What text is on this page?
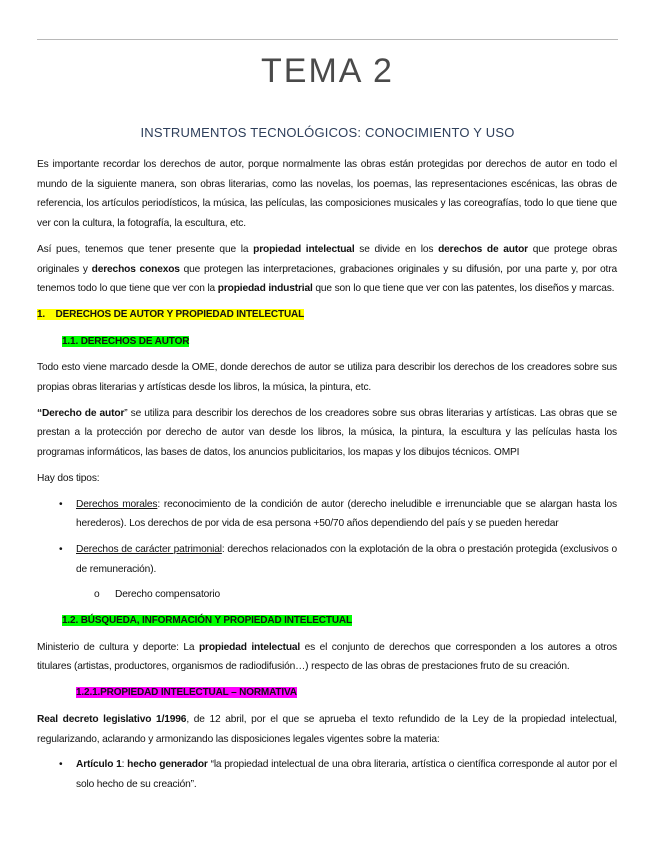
TEMA 2
INSTRUMENTOS TECNOLÓGICOS: CONOCIMIENTO Y USO

Es importante recordar los derechos de autor, porque normalmente las obras están protegidas por derechos de autor en todo el mundo de la siguiente manera, son obras literarias, como las novelas, los poemas, las representaciones escénicas, las obras de referencia, los artículos periodísticos, la música, las películas, las composiciones musicales y las coreografías, todo lo que tiene que ver con la cultura, la fotografía, la escultura, etc.

Así pues, tenemos que tener presente que la propiedad intelectual se divide en los derechos de autor que protege obras originales y derechos conexos que protegen las interpretaciones, grabaciones originales y su difusión, por una parte y, por otra tenemos todo lo que tiene que ver con la propiedad industrial que son lo que tiene que ver con las patentes, los diseños y marcas.

1.    DERECHOS DE AUTOR Y PROPIEDAD INTELECTUAL
1.1. DERECHOS DE AUTOR

Todo esto viene marcado desde la OME, donde derechos de autor se utiliza para describir los derechos de los creadores sobre sus propias obras literarias y artísticas desde los libros, la música, la pintura, etc.

“Derecho de autor” se utiliza para describir los derechos de los creadores sobre sus obras literarias y artísticas. Las obras que se prestan a la protección por derecho de autor van desde los libros, la música, la pintura, la escultura y las películas hasta los programas informáticos, las bases de datos, los anuncios publicitarios, los mapas y los dibujos técnicos. OMPI

Hay dos tipos:

• Derechos morales: reconocimiento de la condición de autor (derecho ineludible e irrenunciable que se alargan hasta los herederos). Los derechos de por vida de esa persona +50/70 años dependiendo del país y se pueden heredar
• Derechos de carácter patrimonial: derechos relacionados con la explotación de la obra o prestación protegida (exclusivos o de remuneración).
o Derecho compensatorio
1.2. BÚSQUEDA, INFORMACIÓN Y PROPIEDAD INTELECTUAL

Ministerio de cultura y deporte: La propiedad intelectual es el conjunto de derechos que corresponden a los autores a otros titulares (artistas, productores, organismos de radiodifusión…) respecto de las obras de prestaciones fruto de su creación.

1.2.1.PROPIEDAD INTELECTUAL – NORMATIVA

Real decreto legislativo 1/1996, de 12 abril, por el que se aprueba el texto refundido de la Ley de la propiedad intelectual, regularizando, aclarando y armonizando las disposiciones legales vigentes sobre la materia:

• Artículo 1: hecho generador “la propiedad intelectual de una obra literaria, artística o científica corresponde al autor por el solo hecho de su creación”.
